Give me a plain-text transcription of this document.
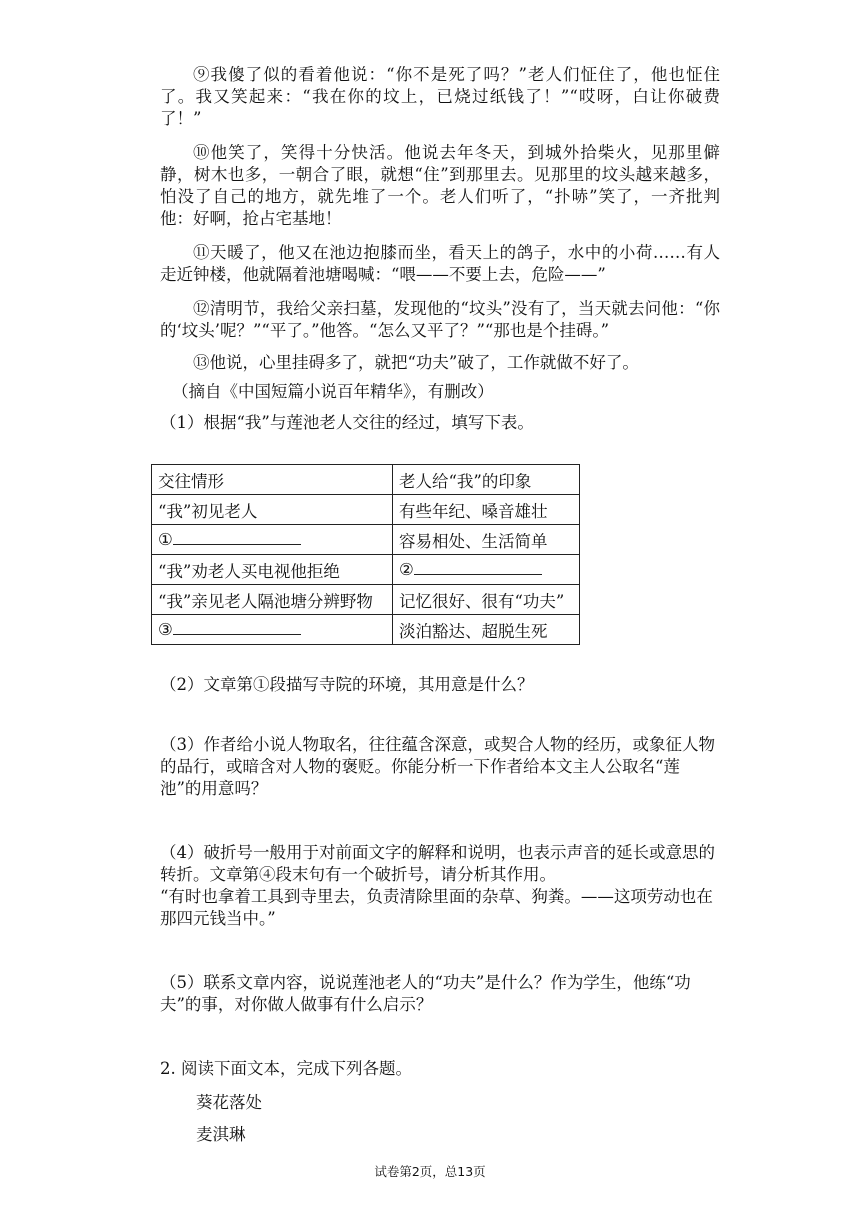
⑨我傻了似的看着他说：“你不是死了吗？”老人们怔住了，他也怔住了。我又笑起来：“我在你的坟上，已烧过纸钱了！”“哎呀，白让你破费了！”

⑩他笑了，笑得十分快活。他说去年冬天，到城外拾柴火，见那里僻静，树木也多，一朝合了眼，就想“住”到那里去。见那里的坟头越来越多，怕没了自己的地方，就先堆了一个。老人们听了，“扑哧”笑了，一齐批判他：好啊，抢占宅基地！

⑪天暖了，他又在池边抱膝而坐，看天上的鸽子，水中的小荷……有人走近钟楼，他就隔着池塘喝喊：“喂——不要上去，危险——”

⑫清明节，我给父亲扫墓，发现他的“坟头”没有了，当天就去问他：“你的‘坟头’呢？”“平了。”他答。“怎么又平了？”“那也是个挂碍。”

⑬他说，心里挂碍多了，就把“功夫”破了，工作就做不好了。

（摘自《中国短篇小说百年精华》，有删改）

（1）根据“我”与莲池老人交往的经过，填写下表。

交往情形	老人给“我”的印象
“我”初见老人	有些年纪、嗓音雄壮
①	容易相处、生活简单
“我”劝老人买电视他拒绝	②
“我”亲见老人隔池塘分辨野物	记忆很好、很有“功夫”
③	淡泊豁达、超脱生死

（2）文章第①段描写寺院的环境，其用意是什么？

（3）作者给小说人物取名，往往蕴含深意，或契合人物的经历，或象征人物的品行，或暗含对人物的褒贬。你能分析一下作者给本文主人公取名“莲池”的用意吗？

（4）破折号一般用于对前面文字的解释和说明，也表示声音的延长或意思的转折。文章第④段末句有一个破折号，请分析其作用。

“有时也拿着工具到寺里去，负责清除里面的杂草、狗粪。——这项劳动也在那四元钱当中。”

（5）联系文章内容，说说莲池老人的“功夫”是什么？作为学生，他练“功夫”的事，对你做人做事有什么启示？

2. 阅读下面文本，完成下列各题。

葵花落处

麦淇琳

试卷第2页，总13页
